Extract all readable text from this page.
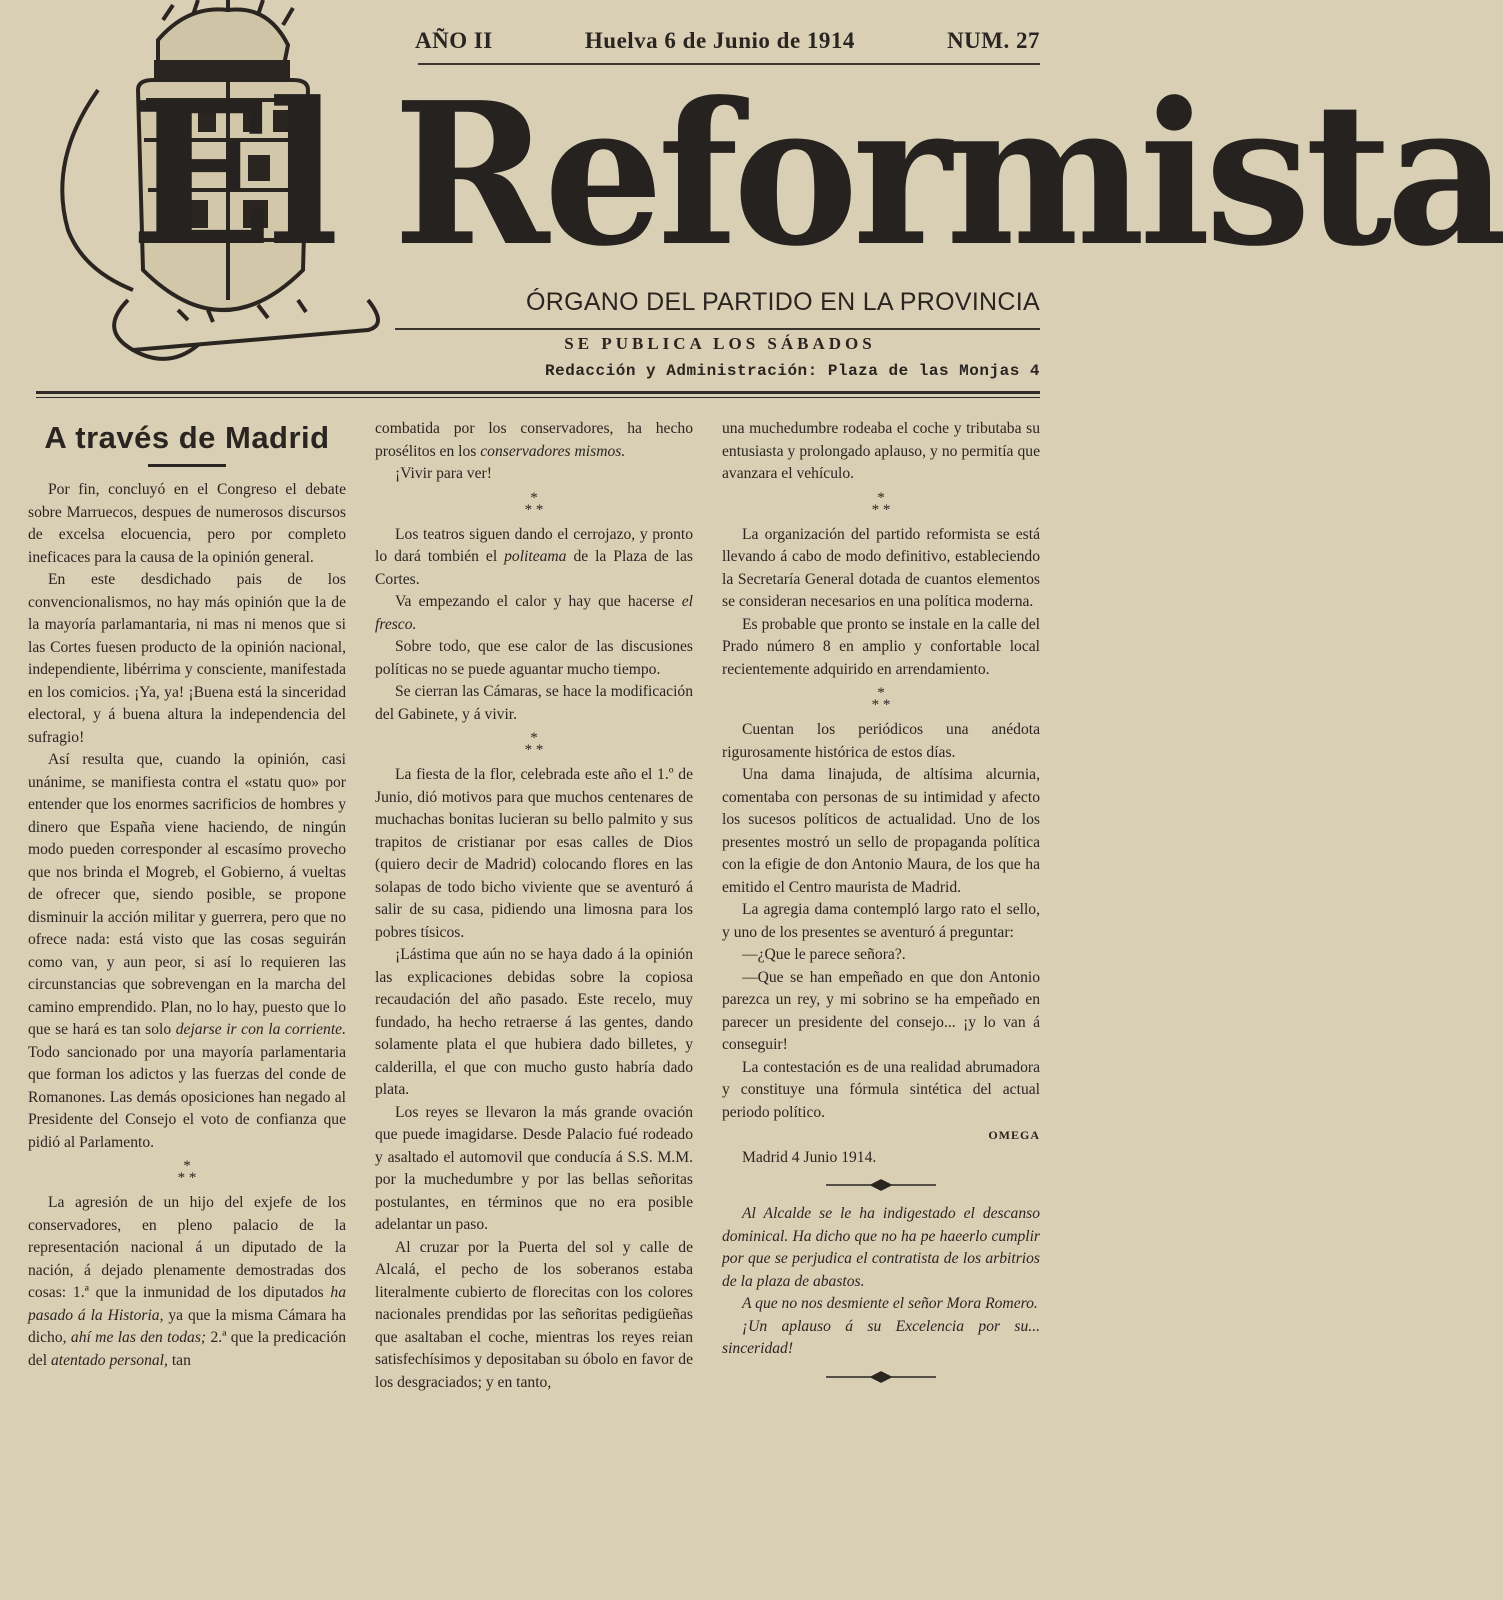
AÑO II	Huelva 6 de Junio de 1914	NUM. 27
El Reformista
ÓRGANO DEL PARTIDO EN LA PROVINCIA
SE PUBLICA LOS SÁBADOS
Redacción y Administración: Plaza de las Monjas 4
A través de Madrid

Por fin, concluyó en el Congreso el debate sobre Marruecos, despues de numerosos discursos de excelsa elocuencia, pero por completo ineficaces para la causa de la opinión general.

En este desdichado pais de los convencionalismos, no hay más opinión que la de la mayoría parlamantaria, ni mas ni menos que si las Cortes fuesen producto de la opinión nacional, independiente, libérrima y consciente, manifestada en los comicios. ¡Ya, ya! ¡Buena está la sinceridad electoral, y á buena altura la independencia del sufragio!

Así resulta que, cuando la opinión, casi unánime, se manifiesta contra el «statu quo» por entender que los enormes sacrificios de hombres y dinero que España viene haciendo, de ningún modo pueden corresponder al escasímo provecho que nos brinda el Mogreb, el Gobierno, á vueltas de ofrecer que, siendo posible, se propone disminuir la acción militar y guerrera, pero que no ofrece nada: está visto que las cosas seguirán como van, y aun peor, si así lo requieren las circunstancias que sobrevengan en la marcha del camino emprendido. Plan, no lo hay, puesto que lo que se hará es tan solo dejarse ir con la corriente. Todo sancionado por una mayoría parlamentaria que forman los adictos y las fuerzas del conde de Romanones. Las demás oposiciones han negado al Presidente del Consejo el voto de confianza que pidió al Parlamento.

*
* *

La agresión de un hijo del exjefe de los conservadores, en pleno palacio de la representación nacional á un diputado de la nación, á dejado plenamente demostradas dos cosas: 1.ª que la inmunidad de los diputados ha pasado á la Historia, ya que la misma Cámara ha dicho, ahí me las den todas; 2.ª que la predicación del atentado personal, tan

combatida por los conservadores, ha hecho prosélitos en los conservadores mismos.

¡Vivir para ver!

*
* *

Los teatros siguen dando el cerrojazo, y pronto lo dará tombién el politeama de la Plaza de las Cortes.

Va empezando el calor y hay que hacerse el fresco.

Sobre todo, que ese calor de las discusiones políticas no se puede aguantar mucho tiempo.

Se cierran las Cámaras, se hace la modificación del Gabinete, y á vivir.

*
* *

La fiesta de la flor, celebrada este año el 1.º de Junio, dió motivos para que muchos centenares de muchachas bonitas lucieran su bello palmito y sus trapitos de cristianar por esas calles de Dios (quiero decir de Madrid) colocando flores en las solapas de todo bicho viviente que se aventuró á salir de su casa, pidiendo una limosna para los pobres tísicos.

¡Lástima que aún no se haya dado á la opinión las explicaciones debidas sobre la copiosa recaudación del año pasado. Este recelo, muy fundado, ha hecho retraerse á las gentes, dando solamente plata el que hubiera dado billetes, y calderilla, el que con mucho gusto habría dado plata.

Los reyes se llevaron la más grande ovación que puede imagidarse. Desde Palacio fué rodeado y asaltado el automovil que conducía á S.S. M.M. por la muchedumbre y por las bellas señoritas postulantes, en términos que no era posible adelantar un paso.

Al cruzar por la Puerta del sol y calle de Alcalá, el pecho de los soberanos estaba literalmente cubierto de florecitas con los colores nacionales prendidas por las señoritas pedigüeñas que asaltaban el coche, mientras los reyes reian satisfechísimos y depositaban su óbolo en favor de los desgraciados; y en tanto,

una muchedumbre rodeaba el coche y tributaba su entusiasta y prolongado aplauso, y no permitía que avanzara el vehículo.

*
* *

La organización del partido reformista se está llevando á cabo de modo definitivo, estableciendo la Secretaría General dotada de cuantos elementos se consideran necesarios en una política moderna.

Es probable que pronto se instale en la calle del Prado número 8 en amplio y confortable local recientemente adquirido en arrendamiento.

*
* *

Cuentan los periódicos una anédota rigurosamente histórica de estos días.

Una dama linajuda, de altísima alcurnia, comentaba con personas de su intimidad y afecto los sucesos políticos de actualidad. Uno de los presentes mostró un sello de propaganda política con la efigie de don Antonio Maura, de los que ha emitido el Centro maurista de Madrid.

La agregia dama contempló largo rato el sello, y uno de los presentes se aventuró á preguntar:

—¿Que le parece señora?.

—Que se han empeñado en que don Antonio parezca un rey, y mi sobrino se ha empeñado en parecer un presidente del consejo... ¡y lo van á conseguir!

La contestación es de una realidad abrumadora y constituye una fórmula sintética del actual periodo político.

OMEGA

Madrid 4 Junio 1914.

Al Alcalde se le ha indigestado el descanso dominical. Ha dicho que no ha pe haeerlo cumplir por que se perjudica el contratista de los arbitrios de la plaza de abastos.

A que no nos desmiente el señor Mora Romero.

¡Un aplauso á su Excelencia por su... sinceridad!
